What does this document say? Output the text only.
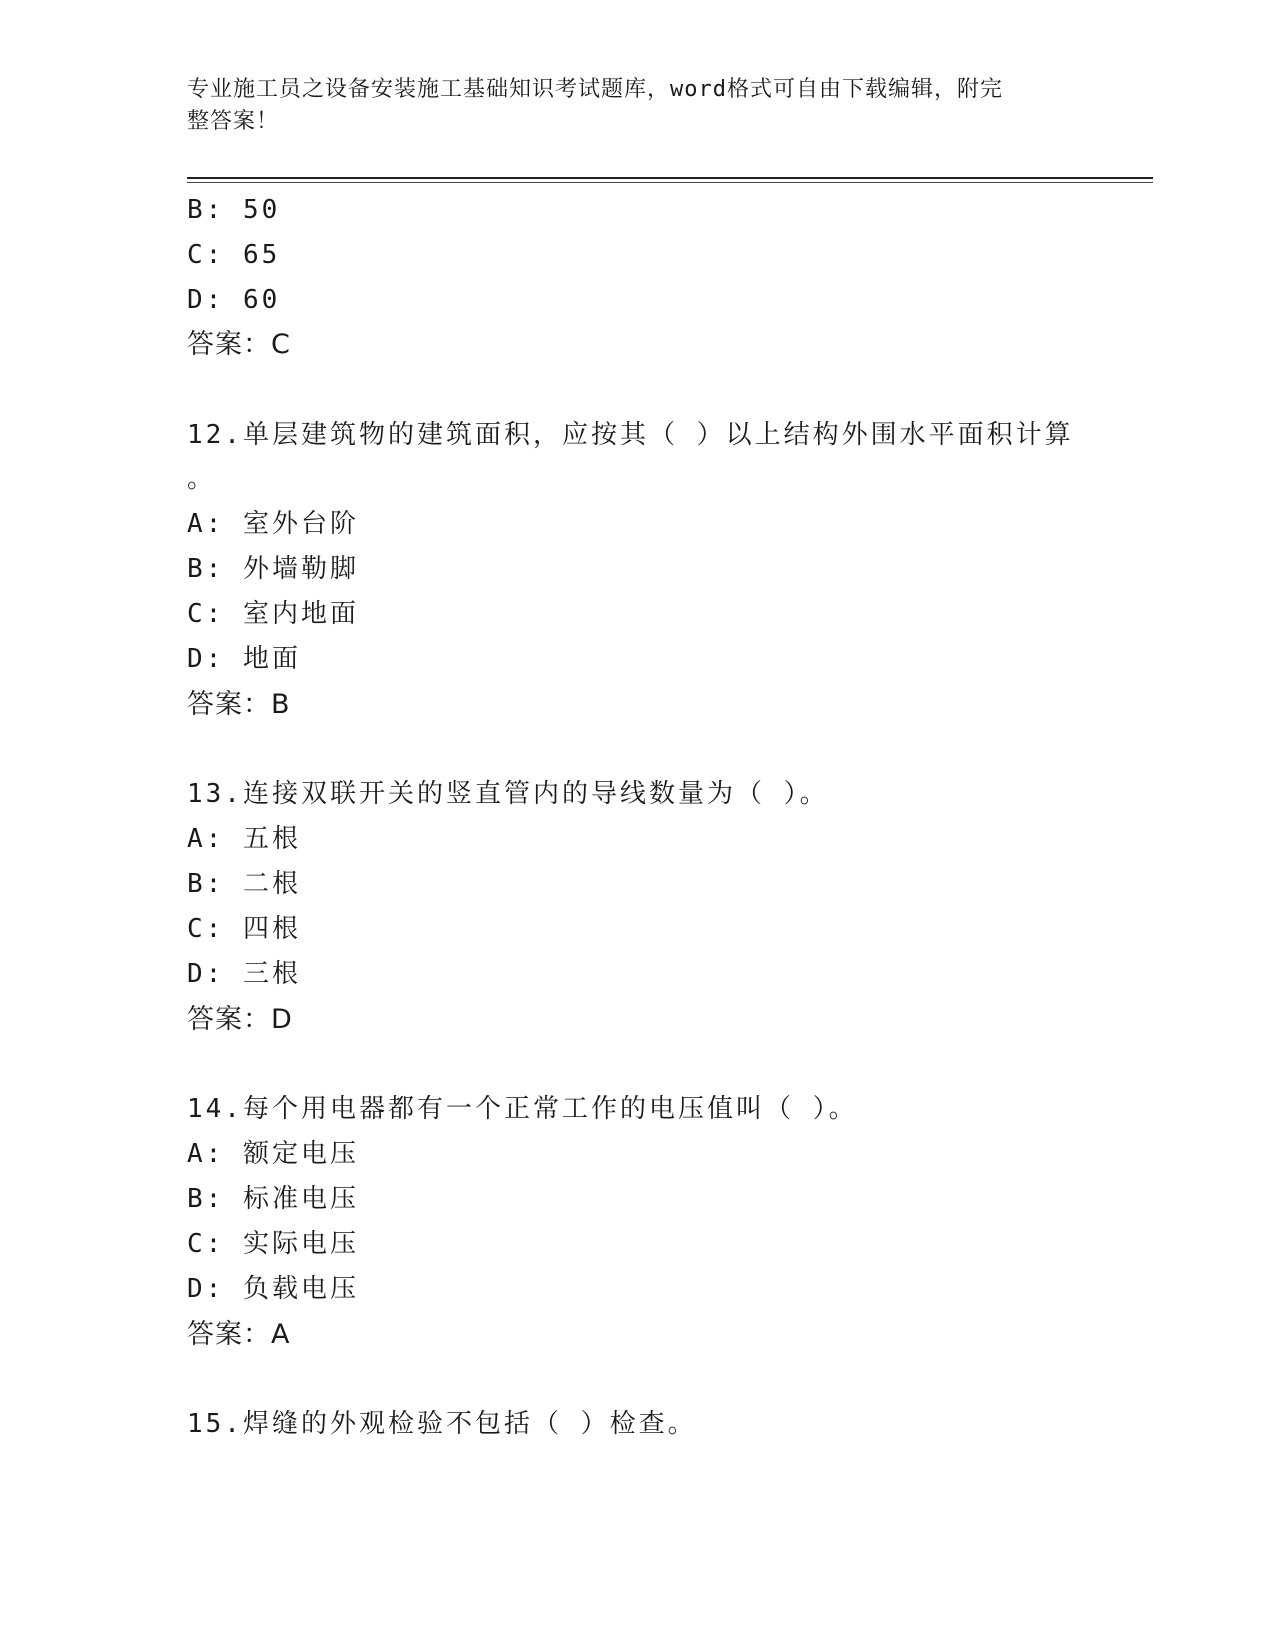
专业施工员之设备安装施工基础知识考试题库，word格式可自由下载编辑，附完
整答案！
B: 50
C: 65
D: 60
答案：C
12.单层建筑物的建筑面积，应按其（ ）以上结构外围水平面积计算
。
A: 室外台阶
B: 外墙勒脚
C: 室内地面
D: 地面
答案：B
13.连接双联开关的竖直管内的导线数量为（ ）。
A: 五根
B: 二根
C: 四根
D: 三根
答案：D
14.每个用电器都有一个正常工作的电压值叫（ ）。
A: 额定电压
B: 标准电压
C: 实际电压
D: 负载电压
答案：A
15.焊缝的外观检验不包括（ ）检查。
